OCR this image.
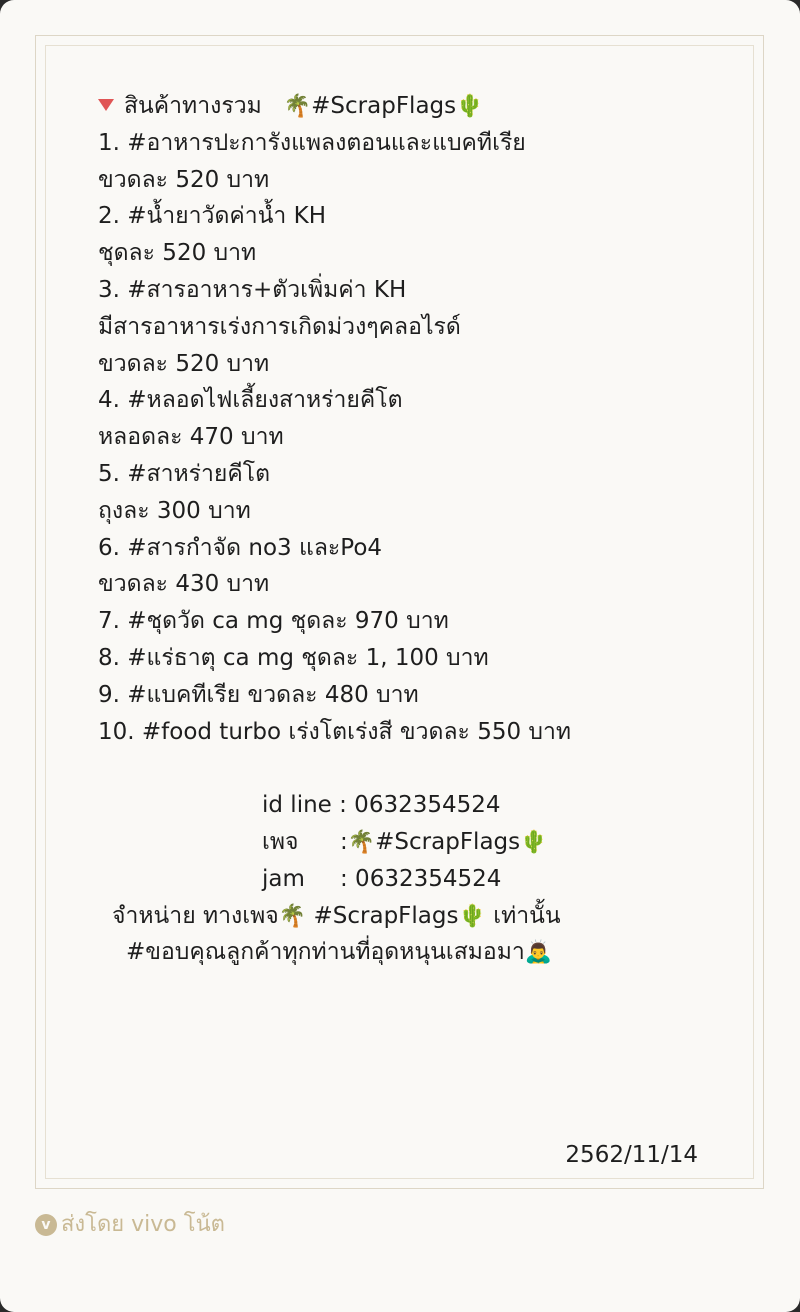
สินค้าทางรวม 🌴#ScrapFlags🌵
1. #อาหารปะการังแพลงตอนและแบคทีเรีย
ขวดละ 520 บาท
2. #น้ำยาวัดค่าน้ำ KH
ชุดละ 520 บาท
3. #สารอาหาร+ตัวเพิ่มค่า KH
มีสารอาหารเร่งการเกิดม่วงๆคลอไรด์
ขวดละ 520 บาท
4. #หลอดไฟเลี้ยงสาหร่ายคีโต
หลอดละ 470 บาท
5. #สาหร่ายคีโต
ถุงละ 300 บาท
6. #สารกำจัด no3 และPo4
ขวดละ 430 บาท
7. #ชุดวัด ca mg ชุดละ 970 บาท
8. #แร่ธาตุ ca mg ชุดละ 1, 100 บาท
9. #แบคทีเรีย ขวดละ 480 บาท
10. #food turbo เร่งโตเร่งสี ขวดละ 550 บาท
id line : 0632354524
เพจ :🌴#ScrapFlags🌵
jam : 0632354524
จำหน่าย ทางเพจ🌴 #ScrapFlags🌵 เท่านั้น
#ขอบคุณลูกค้าทุกท่านที่อุดหนุนเสมอมา🙇‍♂️
2562/11/14
v ส่งโดย vivo โน้ต
